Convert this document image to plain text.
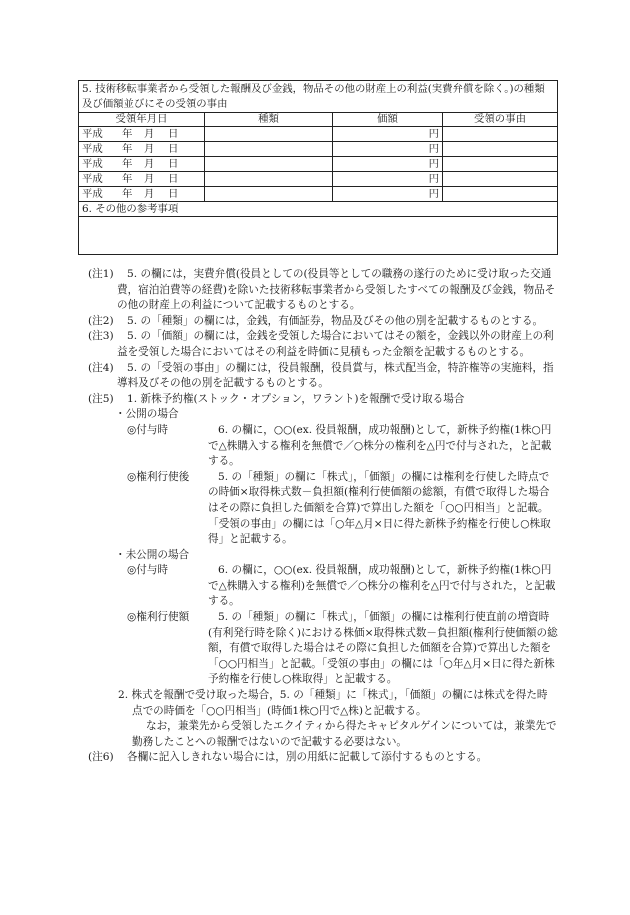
5. 技術移転事業者から受領した報酬及び金銭，物品その他の財産上の利益(実費弁償を除く。)の種類及び価額並びにその受領の事由			
受領年月日	種類	価額	受領の事由
平成 年 月 日		円	
平成 年 月 日		円	
平成 年 月 日		円	
平成 年 月 日		円	
平成 年 月 日		円	
6. その他の参考事項			

(注1)	5. の欄には，実費弁償(役員としての(役員等としての職務の遂行のために受け取った交通費，宿泊泊費等の経費)を除いた技術移転事業者から受領したすべての報酬及び金銭，物品その他の財産上の利益について記載するものとする。
(注2)	5. の「種類」の欄には，金銭，有価証券，物品及びその他の別を記載するものとする。
(注3)	5. の「価額」の欄には，金銭を受領した場合においてはその額を，金銭以外の財産上の利益を受領した場合においてはその利益を時価に見積もった金額を記載するものとする。
(注4)	5. の「受領の事由」の欄には，役員報酬，役員賞与，株式配当金，特許権等の実施料，指導料及びその他の別を記載するものとする。
(注5)	1. 新株予約権(ストック・オプション，ワラント)を報酬で受け取る場合
・公開の場合
◎付与時	6. の欄に，○○(ex. 役員報酬，成功報酬)として，新株予約権(1株○円で△株購入する権利を無償で／○株分の権利を△円で付与された，と記載する。
◎権利行使後	5. の「種類」の欄に「株式」，「価額」の欄には権利を行使した時点での時価×取得株式数－負担額(権利行使価額の総額，有償で取得した場合はその際に負担した価額を合算)で算出した額を「○○円相当」と記載。「受領の事由」の欄には「○年△月×日に得た新株予約権を行使し○株取得」と記載する。
・未公開の場合
◎付与時	6. の欄に，○○(ex. 役員報酬，成功報酬)として，新株予約権(1株○円で△株購入する権利)を無償で／○株分の権利を△円で付与された，と記載する。
◎権利行使額	5. の「種類」の欄に「株式」，「価額」の欄には権利行使直前の増資時(有利発行時を除く)における株価×取得株式数－負担額(権利行使価額の総額，有償で取得した場合はその際に負担した価額を合算)で算出した額を「○○円相当」と記載。「受領の事由」の欄には「○年△月×日に得た新株予約権を行使し○株取得」と記載する。
2. 株式を報酬で受け取った場合，5. の「種類」に「株式」，「価額」の欄には株式を得た時点での時価を「○○円相当」(時価1株○円で△株)と記載する。
なお，兼業先から受領したエクイティから得たキャピタルゲインについては，兼業先で勤務したことへの報酬ではないので記載する必要はない。
(注6)	各欄に記入しきれない場合には，別の用紙に記載して添付するものとする。
